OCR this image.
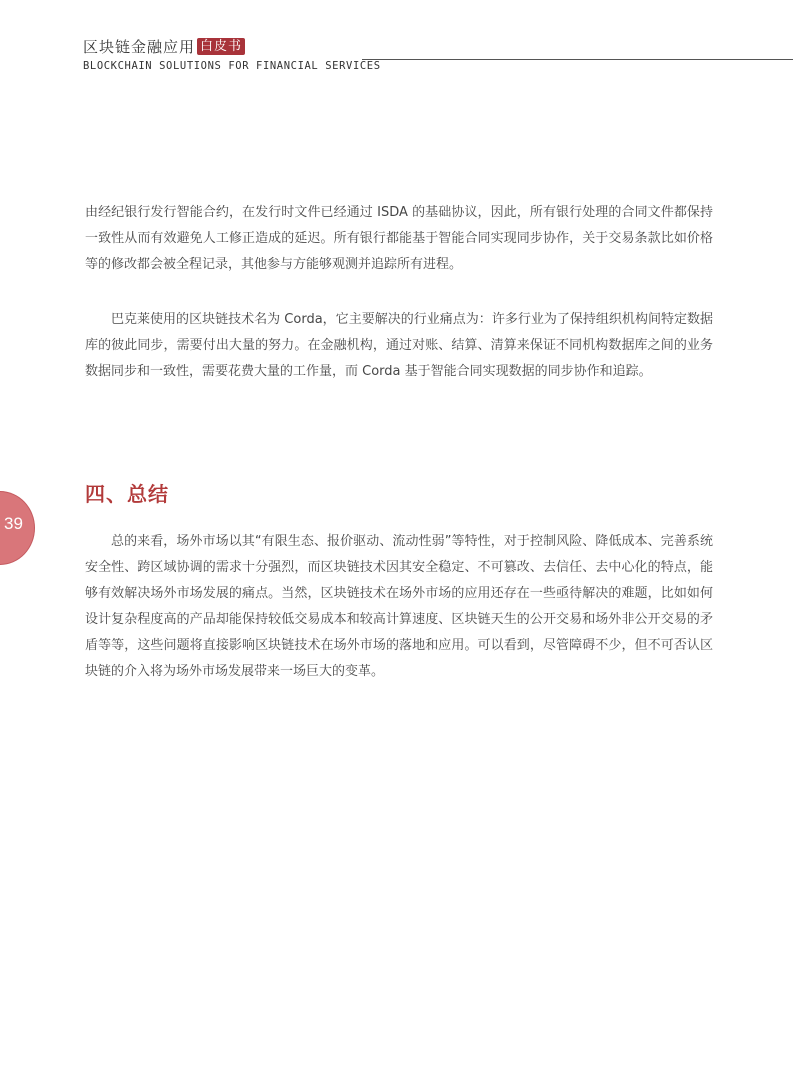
区块链金融应用 白皮书
BLOCKCHAIN SOLUTIONS FOR FINANCIAL SERVICES

由经纪银行发行智能合约，在发行时文件已经通过 ISDA 的基础协议，因此，所有银行处理的合同文件都保持一致性从而有效避免人工修正造成的延迟。所有银行都能基于智能合同实现同步协作，关于交易条款比如价格等的修改都会被全程记录，其他参与方能够观测并追踪所有进程。

巴克莱使用的区块链技术名为 Corda，它主要解决的行业痛点为：许多行业为了保持组织机构间特定数据库的彼此同步，需要付出大量的努力。在金融机构，通过对账、结算、清算来保证不同机构数据库之间的业务数据同步和一致性，需要花费大量的工作量，而 Corda 基于智能合同实现数据的同步协作和追踪。

四、总结

总的来看，场外市场以其“有限生态、报价驱动、流动性弱”等特性，对于控制风险、降低成本、完善系统安全性、跨区域协调的需求十分强烈，而区块链技术因其安全稳定、不可篡改、去信任、去中心化的特点，能够有效解决场外市场发展的痛点。当然，区块链技术在场外市场的应用还存在一些亟待解决的难题，比如如何设计复杂程度高的产品却能保持较低交易成本和较高计算速度、区块链天生的公开交易和场外非公开交易的矛盾等等，这些问题将直接影响区块链技术在场外市场的落地和应用。可以看到，尽管障碍不少，但不可否认区块链的介入将为场外市场发展带来一场巨大的变革。

39
